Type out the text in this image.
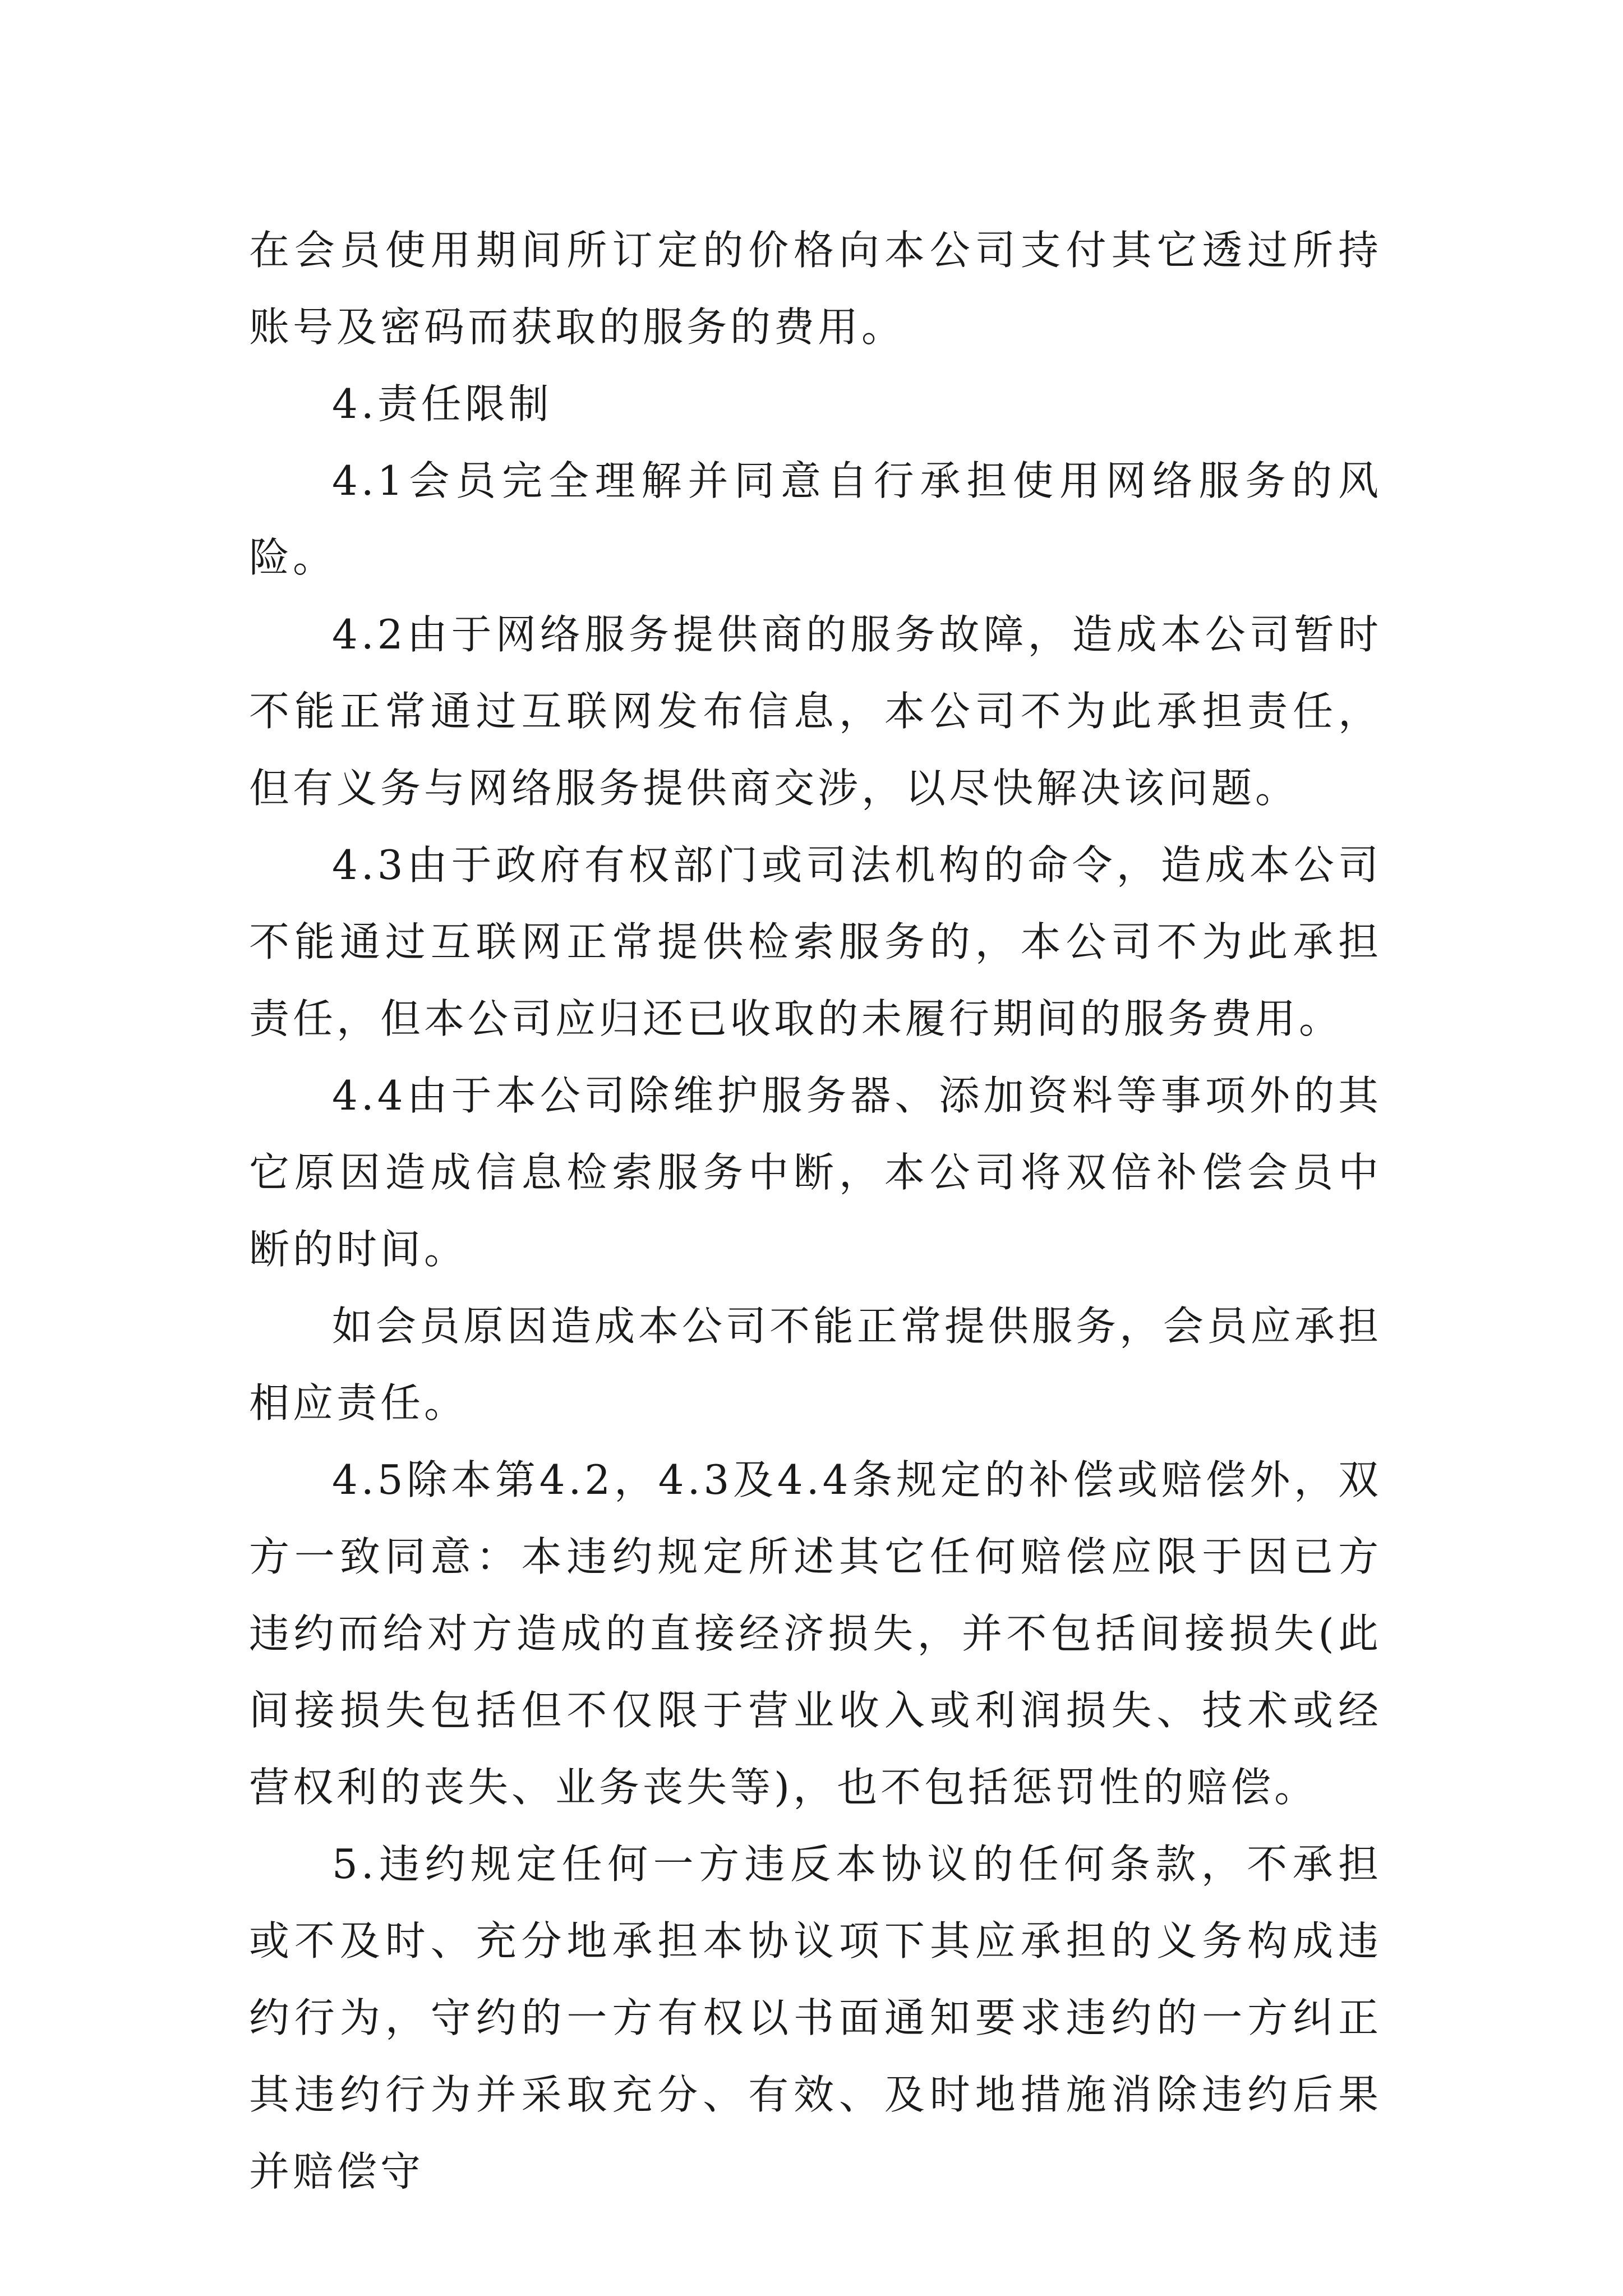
在会员使用期间所订定的价格向本公司支付其它透过所持账号及密码而获取的服务的费用。

4.责任限制

4.1会员完全理解并同意自行承担使用网络服务的风险。

4.2由于网络服务提供商的服务故障，造成本公司暂时不能正常通过互联网发布信息，本公司不为此承担责任，但有义务与网络服务提供商交涉，以尽快解决该问题。

4.3由于政府有权部门或司法机构的命令，造成本公司不能通过互联网正常提供检索服务的，本公司不为此承担责任，但本公司应归还已收取的未履行期间的服务费用。

4.4由于本公司除维护服务器、添加资料等事项外的其它原因造成信息检索服务中断，本公司将双倍补偿会员中断的时间。

如会员原因造成本公司不能正常提供服务，会员应承担相应责任。

4.5除本第4.2，4.3及4.4条规定的补偿或赔偿外，双方一致同意：本违约规定所述其它任何赔偿应限于因已方违约而给对方造成的直接经济损失，并不包括间接损失(此间接损失包括但不仅限于营业收入或利润损失、技术或经营权利的丧失、业务丧失等)，也不包括惩罚性的赔偿。

5.违约规定任何一方违反本协议的任何条款，不承担或不及时、充分地承担本协议项下其应承担的义务构成违约行为，守约的一方有权以书面通知要求违约的一方纠正其违约行为并采取充分、有效、及时地措施消除违约后果并赔偿守
